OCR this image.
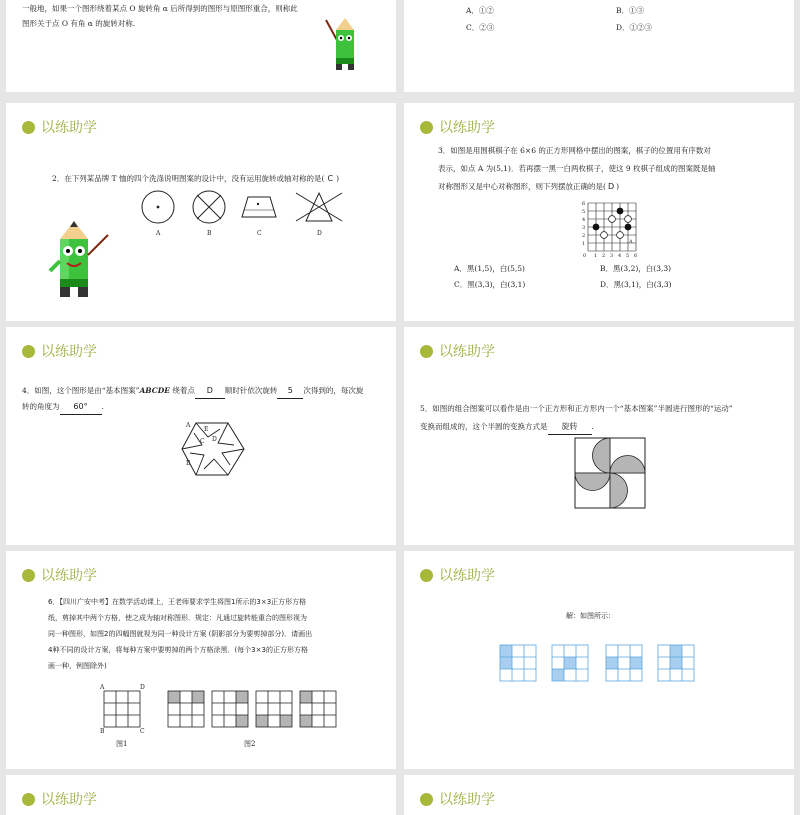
一般地，如果一个图形绕着某点 O 旋转角 α 后所得到的图形与原图形重合，则称此
图形关于点 O 有角 α 的旋转对称.
A．①②	B．①③
C．②③	D．①②③
以练助学
2．在下列某品牌 T 恤的四个洗涤说明图案的设计中，没有运用旋转或轴对称的是( C )
A	B	C	D
以练助学
3．如图是用围棋棋子在 6×6 的正方形网格中摆出的图案，棋子的位置用有序数对
表示，如点 A 为(5,1)．若再摆一黑一白两枚棋子，使这 9 枚棋子组成的图案既是轴
对称图形又是中心对称图形，则下列摆放正确的是( D )
A
6
5
4
3
2
1
0 1 2 3 4 5 6
A．黑(1,5)，白(5,5)	B．黑(3,2)，白(3,3)
C．黑(3,3)，白(3,1)	D．黑(3,1)，白(3,3)
以练助学
4．如图，这个图形是由“基本图案”ABCDE 绕着点 D 顺时针依次旋转 5 次得到的，每次旋
转的角度为 60° .
A
E
D
C
B
以练助学
5．如图的组合图案可以看作是由一个正方形和正方形内一个“基本图案”半圆进行图形的“运动”
变换而组成的，这个半圆的变换方式是 旋转 .
以练助学
6．【四川广安中考】在数学活动课上，王老师要求学生将图1所示的3×3正方形方格
纸，剪掉其中两个方格，使之成为轴对称图形．规定：凡通过旋转能重合的图形视为
同一种图形，如图2的四幅图就视为同一种设计方案 (阴影部分为要剪掉部分)．请画出
4种不同的设计方案，将每种方案中要剪掉的两个方格涂黑．(每个3×3的正方形方格
画一种，例图除外)
A	D
B	C
图1	图2
以练助学
解：如图所示：
以练助学	以练助学
